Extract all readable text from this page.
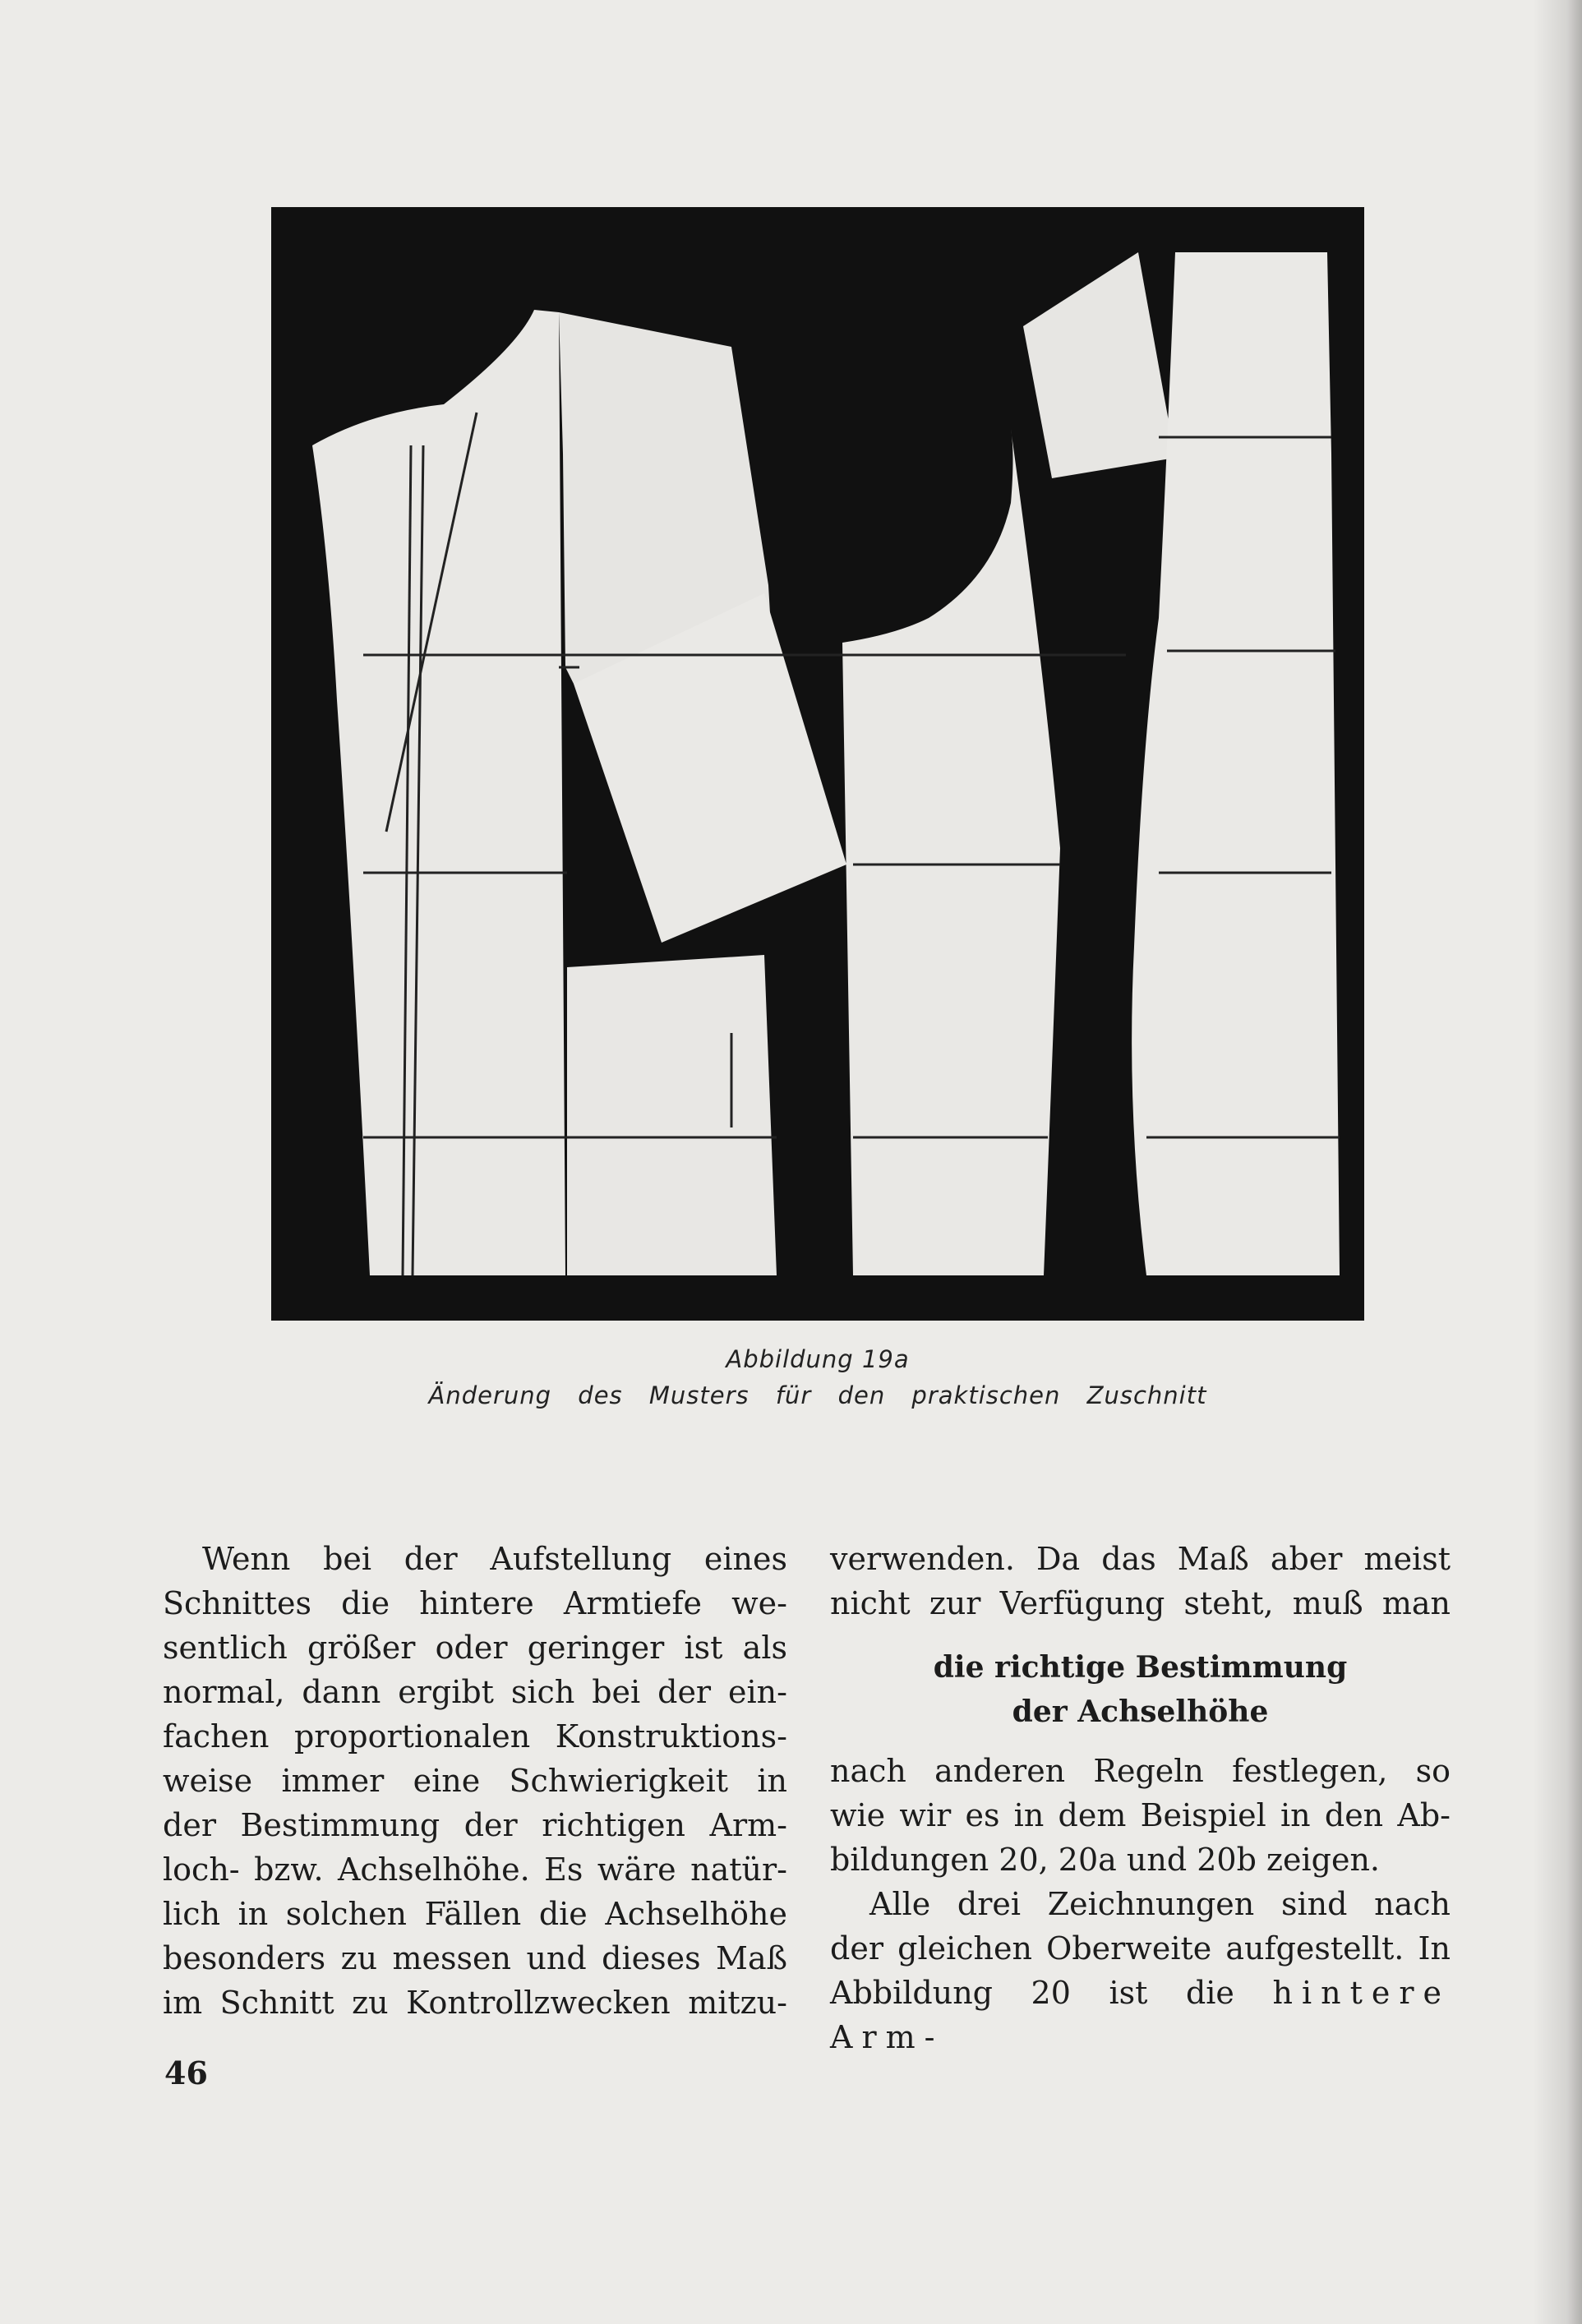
Abbildung 19a
Änderung des Musters für den praktischen Zuschnitt

Wenn bei der Aufstellung eines

Schnittes die hintere Armtiefe we-
sentlich größer oder geringer ist als
normal, dann ergibt sich bei der ein-
fachen proportionalen Konstruktions-
weise immer eine Schwierigkeit in
der Bestimmung der richtigen Arm-
loch- bzw. Achselhöhe. Es wäre natür-
lich in solchen Fällen die Achselhöhe
besonders zu messen und dieses Maß
im Schnitt zu Kontrollzwecken mitzu-

verwenden. Da das Maß aber meist
nicht zur Verfügung steht, muß man

die richtige Bestimmung
der Achselhöhe

nach anderen Regeln festlegen, so
wie wir es in dem Beispiel in den Ab-

bildungen 20, 20a und 20b zeigen.

Alle drei Zeichnungen sind nach

der gleichen Oberweite aufgestellt. In
Abbildung 20 ist die hintere Arm-

46
